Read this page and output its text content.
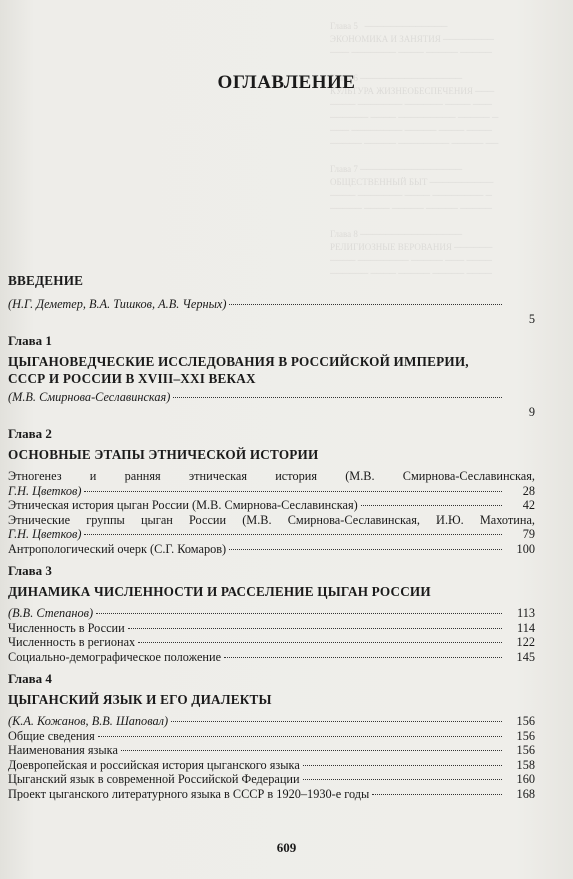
Глава 5   ─────────────
ЭКОНОМИКА И ЗАНЯТИЯ ────────
─── ─────── ──── ───── ─────

Глава 6 ────────────────
КУЛЬТУРА ЖИЗНЕОБЕСПЕЧЕНИЯ ───
──── ─────── ────── ──── ───
────── ──── ───────── ───── ─
─── ──────── ───── ──── ────
───── ───── ──────── ───── ──

Глава 7 ────────────────
ОБЩЕСТВЕННЫЙ БЫТ ──────────
──── ─────── ──── ──────── ─
───── ──── ───── ───── ─────

Глава 8 ────────────────
РЕЛИГИОЗНЫЕ ВЕРОВАНИЯ ──────
──── ──────── ───── ─── ────
────── ──── ───── ───── ────
ОГЛАВЛЕНИЕ
ВВЕДЕНИЕ
(Н.Г. Деметер, В.А. Тишков, А.В. Черных)
5
Глава 1
ЦЫГАНОВЕДЧЕСКИЕ ИССЛЕДОВАНИЯ В РОССИЙСКОЙ ИМПЕРИИ,
СССР И РОССИИ В XVIII–XXI ВЕКАХ
(М.В. Смирнова-Сеславинская)
9
Глава 2
ОСНОВНЫЕ ЭТАПЫ ЭТНИЧЕСКОЙ ИСТОРИИ
Этногенез и ранняя этническая история (М.В. Смирнова-Сеславинская,
Г.Н. Цветков)	28
Этническая история цыган России (М.В. Смирнова-Сеславинская)	42
Этнические группы цыган России (М.В. Смирнова-Сеславинская, И.Ю. Махотина,
Г.Н. Цветков)	79
Антропологический очерк (С.Г. Комаров)	100
Глава 3
ДИНАМИКА ЧИСЛЕННОСТИ И РАССЕЛЕНИЕ ЦЫГАН РОССИИ
(В.В. Степанов)	113
Численность в России	114
Численность в регионах	122
Социально-демографическое положение	145
Глава 4
ЦЫГАНСКИЙ ЯЗЫК И ЕГО ДИАЛЕКТЫ
(К.А. Кожанов, В.В. Шаповал)	156
Общие сведения	156
Наименования языка	156
Доевропейская и российская история цыганского языка	158
Цыганский язык в современной Российской Федерации	160
Проект цыганского литературного языка в СССР в 1920–1930-е годы	168
609
